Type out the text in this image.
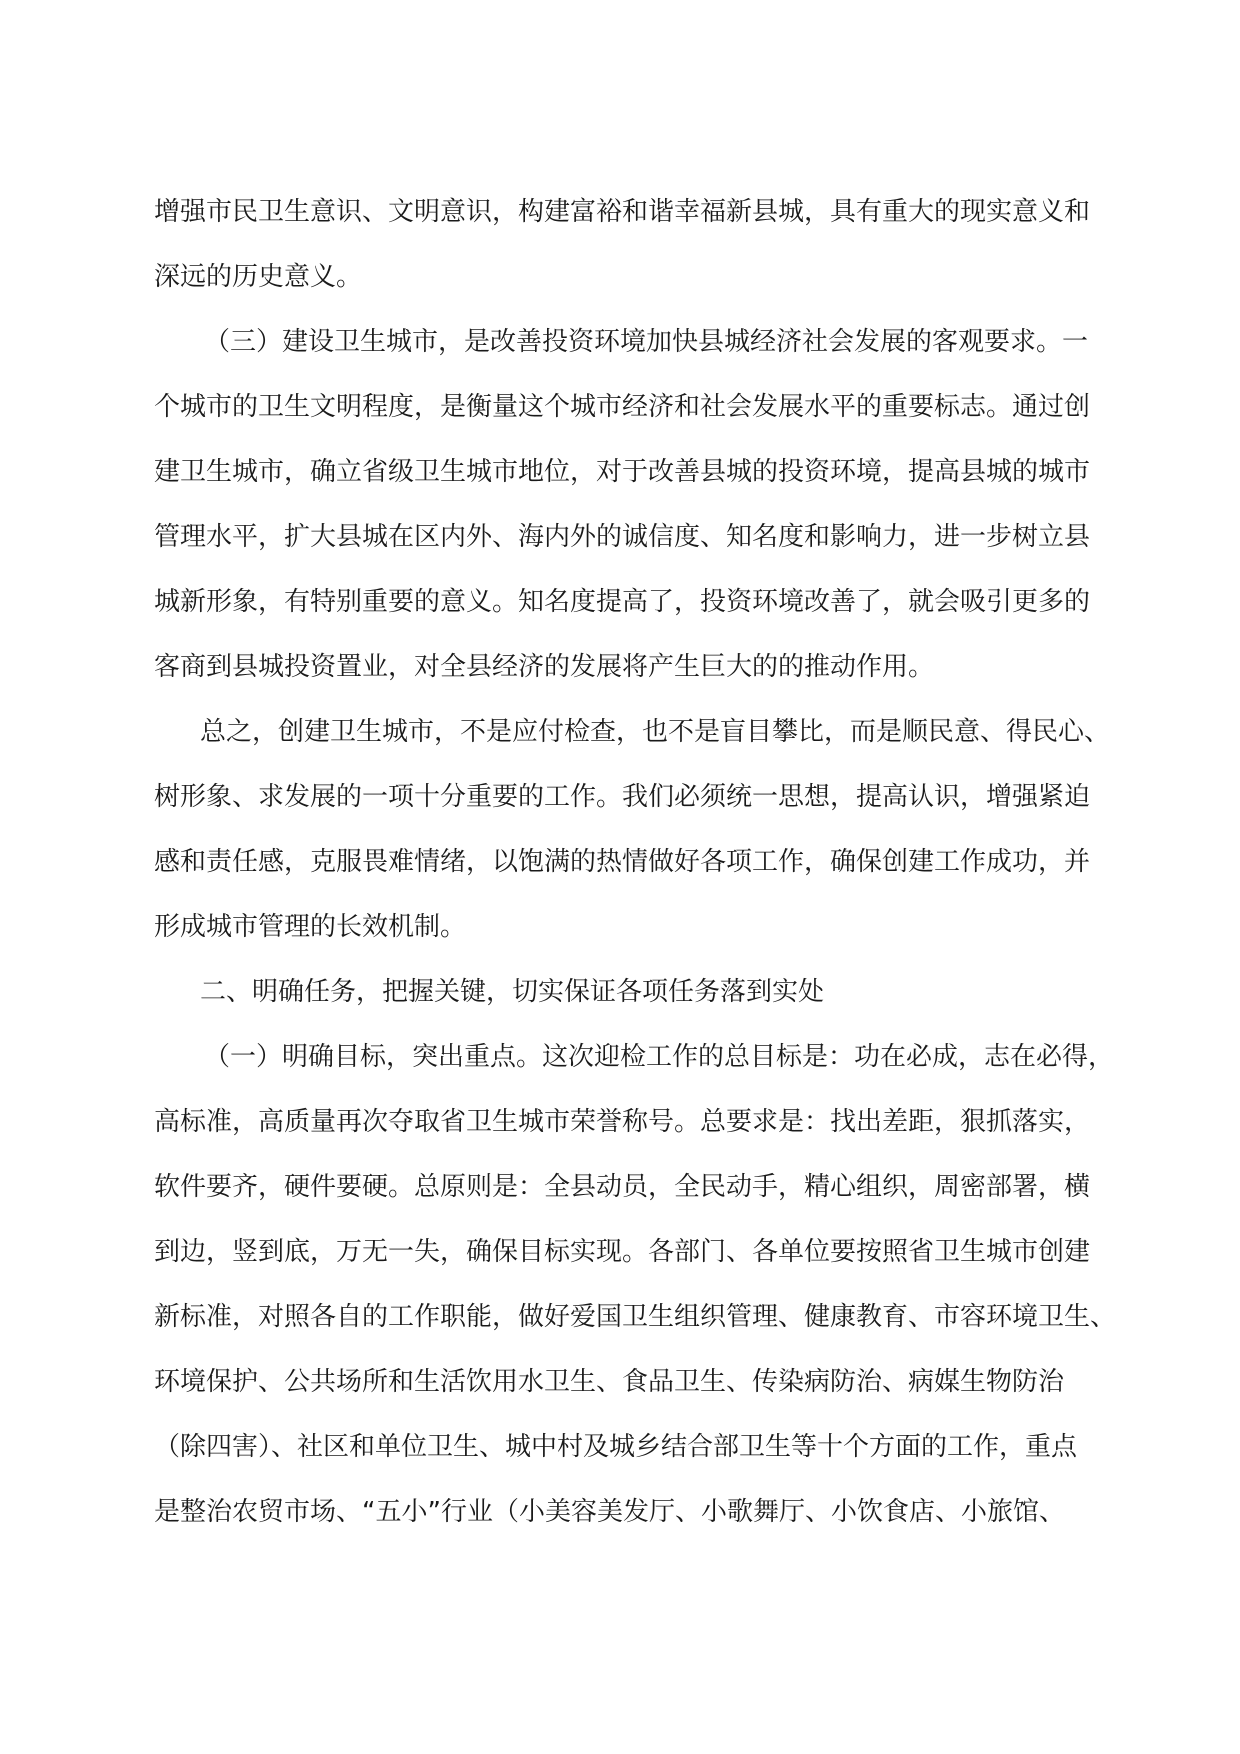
增强市民卫生意识、文明意识，构建富裕和谐幸福新县城，具有重大的现实意义和
深远的历史意义。
（三）建设卫生城市，是改善投资环境加快县城经济社会发展的客观要求。一
个城市的卫生文明程度，是衡量这个城市经济和社会发展水平的重要标志。通过创
建卫生城市，确立省级卫生城市地位，对于改善县城的投资环境，提高县城的城市
管理水平，扩大县城在区内外、海内外的诚信度、知名度和影响力，进一步树立县
城新形象，有特别重要的意义。知名度提高了，投资环境改善了，就会吸引更多的
客商到县城投资置业，对全县经济的发展将产生巨大的的推动作用。
总之，创建卫生城市，不是应付检查，也不是盲目攀比，而是顺民意、得民心、
树形象、求发展的一项十分重要的工作。我们必须统一思想，提高认识，增强紧迫
感和责任感，克服畏难情绪，以饱满的热情做好各项工作，确保创建工作成功，并
形成城市管理的长效机制。
二、明确任务，把握关键，切实保证各项任务落到实处
（一）明确目标，突出重点。这次迎检工作的总目标是：功在必成，志在必得，
高标准，高质量再次夺取省卫生城市荣誉称号。总要求是：找出差距，狠抓落实，
软件要齐，硬件要硬。总原则是：全县动员，全民动手，精心组织，周密部署，横
到边，竖到底，万无一失，确保目标实现。各部门、各单位要按照省卫生城市创建
新标准，对照各自的工作职能，做好爱国卫生组织管理、健康教育、市容环境卫生、
环境保护、公共场所和生活饮用水卫生、食品卫生、传染病防治、病媒生物防治
（除四害）、社区和单位卫生、城中村及城乡结合部卫生等十个方面的工作，重点
是整治农贸市场、“五小”行业（小美容美发厅、小歌舞厅、小饮食店、小旅馆、
